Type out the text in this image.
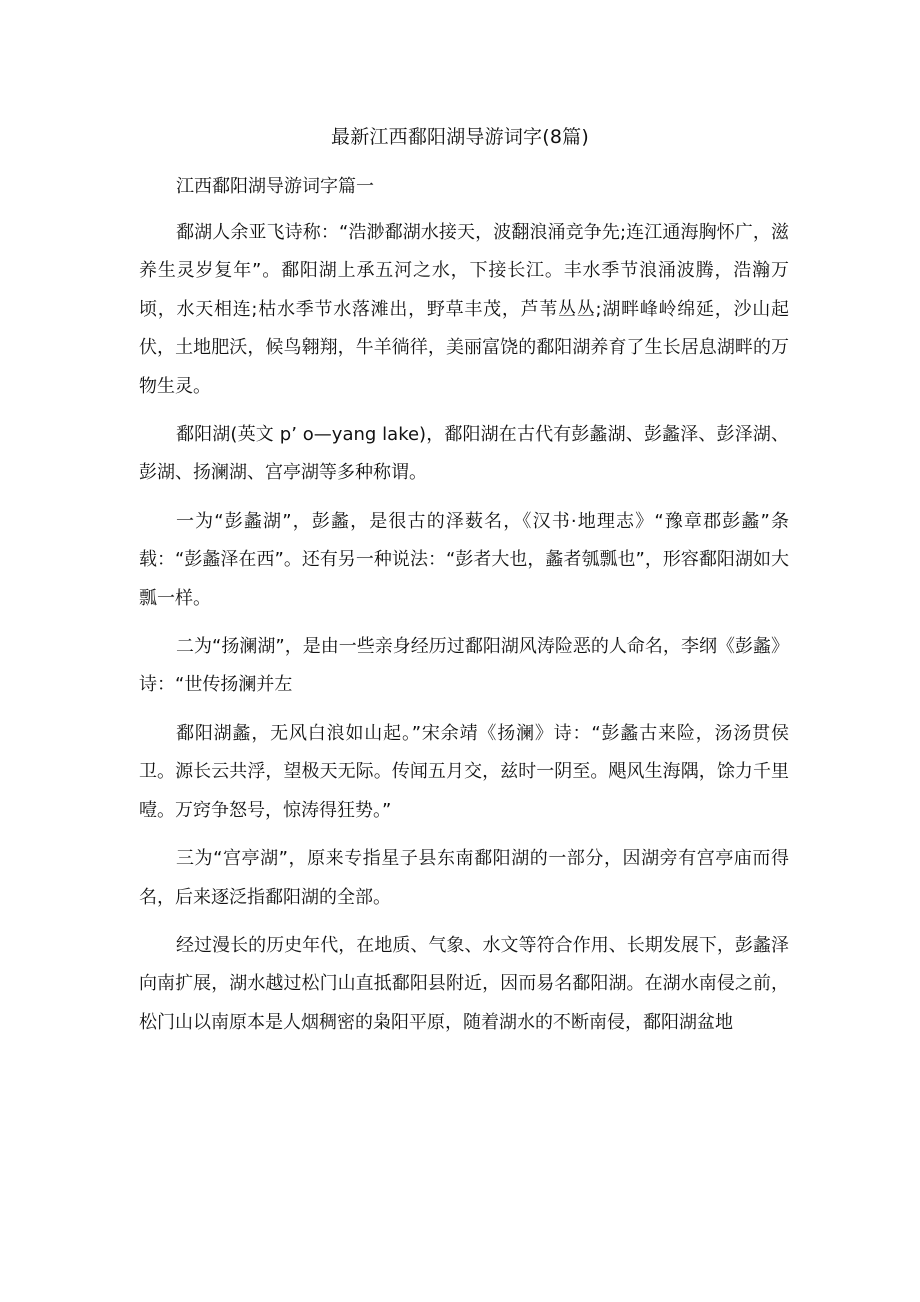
最新江西鄱阳湖导游词字(8篇)

江西鄱阳湖导游词字篇一

鄱湖人余亚飞诗称：“浩渺鄱湖水接天，波翻浪涌竞争先;连江通海胸怀广，滋养生灵岁复年”。鄱阳湖上承五河之水，下接长江。丰水季节浪涌波腾，浩瀚万顷，水天相连;枯水季节水落滩出，野草丰茂，芦苇丛丛;湖畔峰岭绵延，沙山起伏，土地肥沃，候鸟翱翔，牛羊徜徉，美丽富饶的鄱阳湖养育了生长居息湖畔的万物生灵。

鄱阳湖(英文 p’ o—yang lake)，鄱阳湖在古代有彭蠡湖、彭蠡泽、彭泽湖、彭湖、扬澜湖、宫亭湖等多种称谓。

一为“彭蠡湖”，彭蠡，是很古的泽薮名，《汉书·地理志》“豫章郡彭蠡”条载：“彭蠡泽在西”。还有另一种说法：“彭者大也，蠡者瓠瓢也”，形容鄱阳湖如大瓢一样。

二为“扬澜湖”，是由一些亲身经历过鄱阳湖风涛险恶的人命名，李纲《彭蠡》诗：“世传扬澜并左

鄱阳湖蠡，无风白浪如山起。”宋余靖《扬澜》诗：“彭蠡古来险，汤汤贯侯卫。源长云共浮，望极天无际。传闻五月交，兹时一阴至。飓风生海隅，馀力千里噎。万窍争怒号，惊涛得狂势。”

三为“宫亭湖”，原来专指星子县东南鄱阳湖的一部分，因湖旁有宫亭庙而得名，后来逐泛指鄱阳湖的全部。

经过漫长的历史年代，在地质、气象、水文等符合作用、长期发展下，彭蠡泽向南扩展，湖水越过松门山直抵鄱阳县附近，因而易名鄱阳湖。在湖水南侵之前，松门山以南原本是人烟稠密的枭阳平原，随着湖水的不断南侵，鄱阳湖盆地
